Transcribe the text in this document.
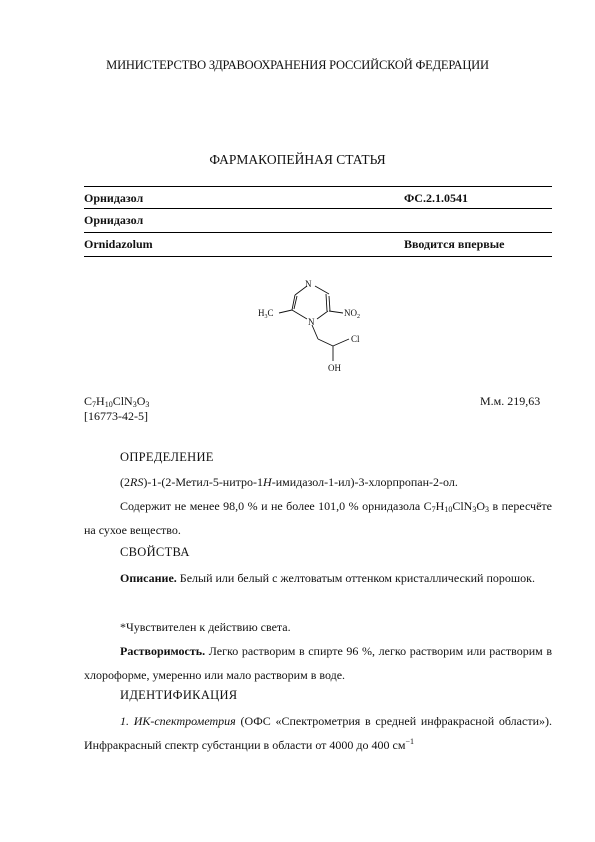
МИНИСТЕРСТВО ЗДРАВООХРАНЕНИЯ РОССИЙСКОЙ ФЕДЕРАЦИИ
ФАРМАКОПЕЙНАЯ СТАТЬЯ
Орнидазол	ФС.2.1.0541
Орнидазол
Ornidazolum	Вводится впервые
N
N
$NO_2$
$H_3C$
Cl
OH
$C_7H_{10}ClN_3O_3$	М.м. 219,63
[16773-42-5]
ОПРЕДЕЛЕНИЕ
(2RS)-1-(2-Метил-5-нитро-1H-имидазол-1-ил)-3-хлорпропан-2-ол.
Содержит не менее 98,0 % и не более 101,0 % орнидазола $C_7H_{10}ClN_3O_3$ в пересчёте на сухое вещество.
СВОЙСТВА
Описание. Белый или белый с желтоватым оттенком кристаллический порошок.
*Чувствителен к действию света.
Растворимость. Легко растворим в спирте 96 %, легко растворим или растворим в хлороформе, умеренно или мало растворим в воде.
ИДЕНТИФИКАЦИЯ
1. ИК-спектрометрия (ОФС «Спектрометрия в средней инфракрасной области»). Инфракрасный спектр субстанции в области от 4000 до 400 $см^{-1}$
